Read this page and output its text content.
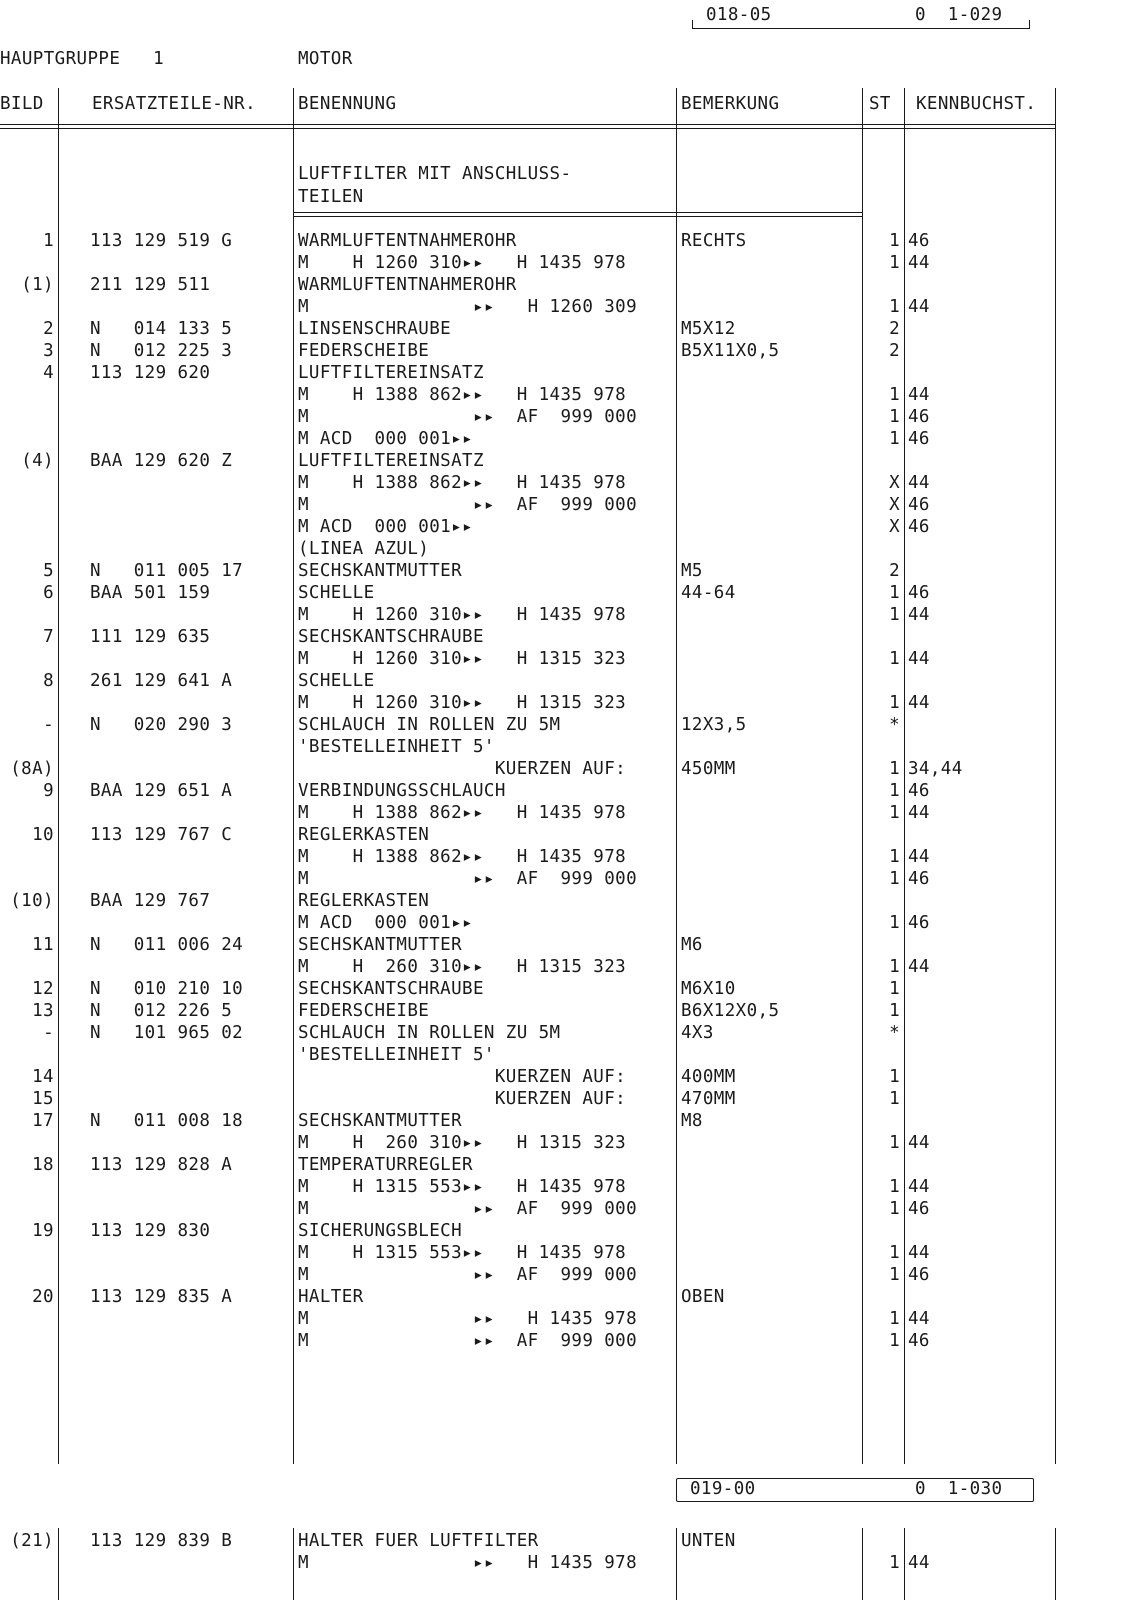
018-05	0  1-029
HAUPTGRUPPE   1	MOTOR
BILD	ERSATZTEILE-NR. BENENNUNG	BEMERKUNG	ST KENNBUCHST.
LUFTFILTER MIT ANSCHLUSS-
TEILEN
1 113 129 519 G	WARMLUFTENTNAHMEROHR	RECHTS	1 46
M    H 1260 310▸▸   H 1435 978	1 44
(1) 211 129 511	WARMLUFTENTNAHMEROHR
M               ▸▸   H 1260 309	1 44
2 N   014 133 5	LINSENSCHRAUBE	M5X12	2
3 N   012 225 3	FEDERSCHEIBE	B5X11X0,5	2
4 113 129 620	LUFTFILTEREINSATZ
M    H 1388 862▸▸   H 1435 978	1 44
M               ▸▸  AF  999 000	1 46
M ACD  000 001▸▸	1 46
(4) BAA 129 620 Z	LUFTFILTEREINSATZ
M    H 1388 862▸▸   H 1435 978	X 44
M               ▸▸  AF  999 000	X 46
M ACD  000 001▸▸	X 46
(LINEA AZUL)
5 N   011 005 17	SECHSKANTMUTTER	M5	2
6 BAA 501 159	SCHELLE	44-64	1 46
M    H 1260 310▸▸   H 1435 978	1 44
7 111 129 635	SECHSKANTSCHRAUBE
M    H 1260 310▸▸   H 1315 323	1 44
8 261 129 641 A	SCHELLE
M    H 1260 310▸▸   H 1315 323	1 44
- N   020 290 3	SCHLAUCH IN ROLLEN ZU 5M	12X3,5	*
'BESTELLEINHEIT 5'
(8A)	KUERZEN AUF:	450MM	1 34,44
9 BAA 129 651 A	VERBINDUNGSSCHLAUCH	1 46
M    H 1388 862▸▸   H 1435 978	1 44
10 113 129 767 C	REGLERKASTEN
M    H 1388 862▸▸   H 1435 978	1 44
M               ▸▸  AF  999 000	1 46
(10) BAA 129 767	REGLERKASTEN
M ACD  000 001▸▸	1 46
11 N   011 006 24	SECHSKANTMUTTER	M6
M    H  260 310▸▸   H 1315 323	1 44
12 N   010 210 10	SECHSKANTSCHRAUBE	M6X10	1
13 N   012 226 5	FEDERSCHEIBE	B6X12X0,5	1
- N   101 965 02	SCHLAUCH IN ROLLEN ZU 5M	4X3	*
'BESTELLEINHEIT 5'
14	KUERZEN AUF:	400MM	1
15	KUERZEN AUF:	470MM	1
17 N   011 008 18	SECHSKANTMUTTER	M8
M    H  260 310▸▸   H 1315 323	1 44
18 113 129 828 A	TEMPERATURREGLER
M    H 1315 553▸▸   H 1435 978	1 44
M               ▸▸  AF  999 000	1 46
19 113 129 830	SICHERUNGSBLECH
M    H 1315 553▸▸   H 1435 978	1 44
M               ▸▸  AF  999 000	1 46
20 113 129 835 A	HALTER	OBEN
M               ▸▸   H 1435 978	1 44
M               ▸▸  AF  999 000	1 46
019-00	0  1-030
(21) 113 129 839 B	HALTER FUER LUFTFILTER	UNTEN
M               ▸▸   H 1435 978	1 44
